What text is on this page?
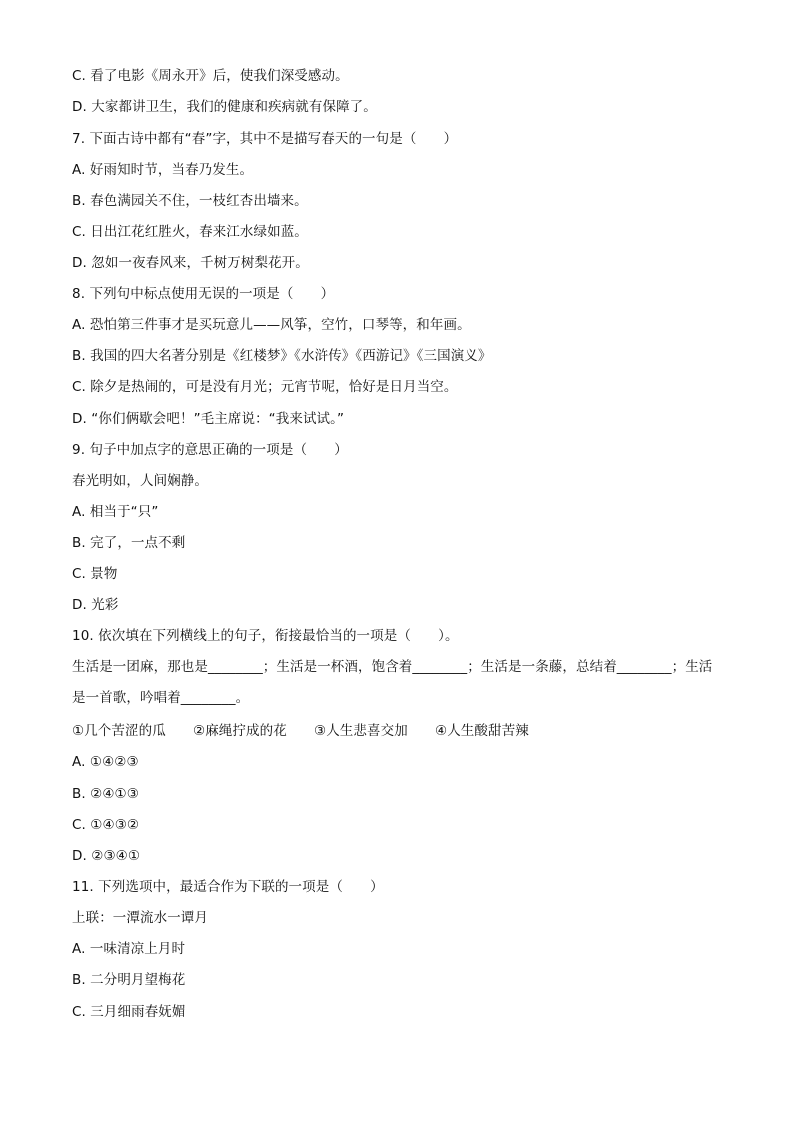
C. 看了电影《周永开》后，使我们深受感动。
D. 大家都讲卫生，我们的健康和疾病就有保障了。
7. 下面古诗中都有“春”字，其中不是描写春天的一句是（　　）
A. 好雨知时节，当春乃发生。
B. 春色满园关不住，一枝红杏出墙来。
C. 日出江花红胜火，春来江水绿如蓝。
D. 忽如一夜春风来，千树万树梨花开。
8. 下列句中标点使用无误的一项是（　　）
A. 恐怕第三件事才是买玩意儿——风筝，空竹，口琴等，和年画。
B. 我国的四大名著分别是《红楼梦》《水浒传》《西游记》《三国演义》
C. 除夕是热闹的，可是没有月光；元宵节呢，恰好是日月当空。
D. “你们俩歇会吧！”毛主席说：“我来试试。”
9. 句子中加点字的意思正确的一项是（　　）
春光明如，人间娴静。
A. 相当于“只”
B. 完了，一点不剩
C. 景物
D. 光彩
10. 依次填在下列横线上的句子，衔接最恰当的一项是（　　）。
生活是一团麻，那也是________；生活是一杯酒，饱含着________；生活是一条藤，总结着________；生活是一首歌，吟唱着________。
①几个苦涩的瓜　　②麻绳拧成的花　　③人生悲喜交加　　④人生酸甜苦辣
A. ①④②③
B. ②④①③
C. ①④③②
D. ②③④①
11. 下列选项中，最适合作为下联的一项是（　　）
上联：一潭流水一谭月
A. 一味清凉上月时
B. 二分明月望梅花
C. 三月细雨春妩媚
